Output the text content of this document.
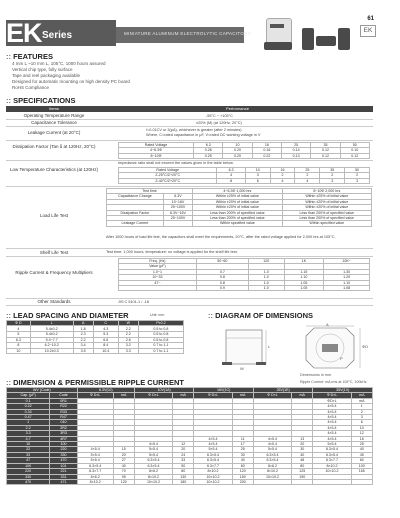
EK Series	MINIATURE ALUMINUM ELECTROLYTIC CAPACITORS
61
EK
:: FEATURES
4 mm L ~10 mm L, 105°C, 1000 hours assured
Vertical chip type, fully surface
Tape and reel packaging available
Designed for automatic mounting on high density PC board
RoHS Compliance
:: SPECIFICATIONS
Items	Performance
Operating Temperature Range	-55°C ~ +105°C
Capacitance Tolerance	±20% (M) (at 120Hz, 20°C)
Leakage Current (at 20°C)	I=0.01CV or 3(μA), whichever is greater (after 2 minutes)
Where, C=rated capacitance in μF, V=rated DC working voltage in V
Dissipation Factor (Tan δ at 120Hz, 20°C)	Rated Voltage	6.3	10	16	25	35	50
4~6.3Φ	0.26	0.20	0.16	0.14	0.12	0.10
8~10Φ	0.25	0.20	0.22	0.13	0.12	0.12
Low Temperature Characteristics (at 120Hz)
Impedance ratio shall not exceed the values given in the table below.
Rated Voltage	6.3	10	16	25	35	50
Z-25°C/Z+20°C	4	3	2	2	2	2
Z-40°C/Z+20°C	8	6	4	4	3	3
Load Life Test
Test time		4~6.3Φ 1,000 hrs	8~10Φ 2,000 hrs
Capacitance Change	6.3V	Within ±25% of initial value	Within ±25% of initial value
	10~16V	Within ±20% of initial value	Within ±20% of initial value
	25~100V	Within ±20% of initial value	Within ±20% of initial value
Dissipation Factor	6.3V~16V	Less than 200% of specified value	Less than 200% of specified value
	25~100V	Less than 200% of specified value	Less than 200% of specified value
Leakage Current		Within specified value	Within specified value
After 1000 hours of load life test, the capacitors shall meet the requirements, 20°C, after the rated voltage applied for 2,000 hrs at 105°C.
Shelf Life Test	Test time: 1,000 hours, temperature: no voltage is applied for the shelf life test.
Ripple Current & Frequency Multipliers
Freq. (Hz)	50~60	120	1K	10K~
Value (μF)				
1.0~1	0.7	1.0	1.15	1.30
10~33	0.8	1.0	1.10	1.20
47~	0.8	1.0	1.05	1.10
	0.9	1.0	1.05	1.08
Other Standards	JIS C 5101-1 / -18
:: LEAD SPACING AND DIAMETER	Unit: mm
Φ D	L	A	C	W	P±0.2
4	5.4±0.2	1.8	4.3	2.2	0.5 to 0.8
5	5.4±0.2	2.3	5.3	2.2	0.5 to 0.8
6.3	5.4~7.7	2.2	6.6	2.6	0.5 to 0.8
8	6.2~10.2	3.4	8.4	3.2	0.7 to 1.1
10	10.2±0.3	3.5	10.4	3.3	0.7 to 1.1
:: DIAGRAM OF DIMENSIONS
L
W
ΦD
A
P
Dimensions in mm
:: DIMENSION & PERMISSIBLE RIPPLE CURRENT	Ripple Current: mA rms at 105°C, 100kHz
WV (Code)		6.3V(0J)		10V(1A)		16V(1C)		25V(1E)		35V(1V)	
Cap. (μF)	Code	Φ D×L	mA	Φ D×L	mA	Φ D×L	mA	Φ D×L	mA	Φ D×L	mA
0.1	0R1									ΦD×L	mA
0.22	R22									4×5.4	1
0.33	R33									4×5.4	2
0.47	R47									4×5.4	3
1	010									4×5.4	6
2.2	2R2									4×5.4	10
3.3	3R3									4×5.4	12
4.7	4R7					4×5.4	11	4×5.4	13	4×5.4	16
10	100			4×5.4	12	4×5.4	17	4×5.4	20	5×5.4	25
22	220	4×5.4	15	5×5.4	20	5×5.4	25	5×5.4	30	6.3×5.4	40
33	330	5×5.4	20	5×5.4	24	6.3×5.4	30	6.3×5.4	40	6.3×5.4	45
47	470	5×5.4	27	6.3×5.4	33	6.3×5.4	40	6.3×5.4	48	6.3×7.7	60
100	101	6.3×5.4	40	6.3×5.4	50	6.3×7.7	60	8×6.2	80	8×10.2	100
220	221	6.3×7.7	70	8×6.2	80	8×10.2	120	8×10.2	125	10×10.2	165
330	331	8×6.2	95	8×10.2	130	10×10.2	150	10×10.2	190		
470	471	8×10.2	120	10×10.2	180	10×10.2	200				
